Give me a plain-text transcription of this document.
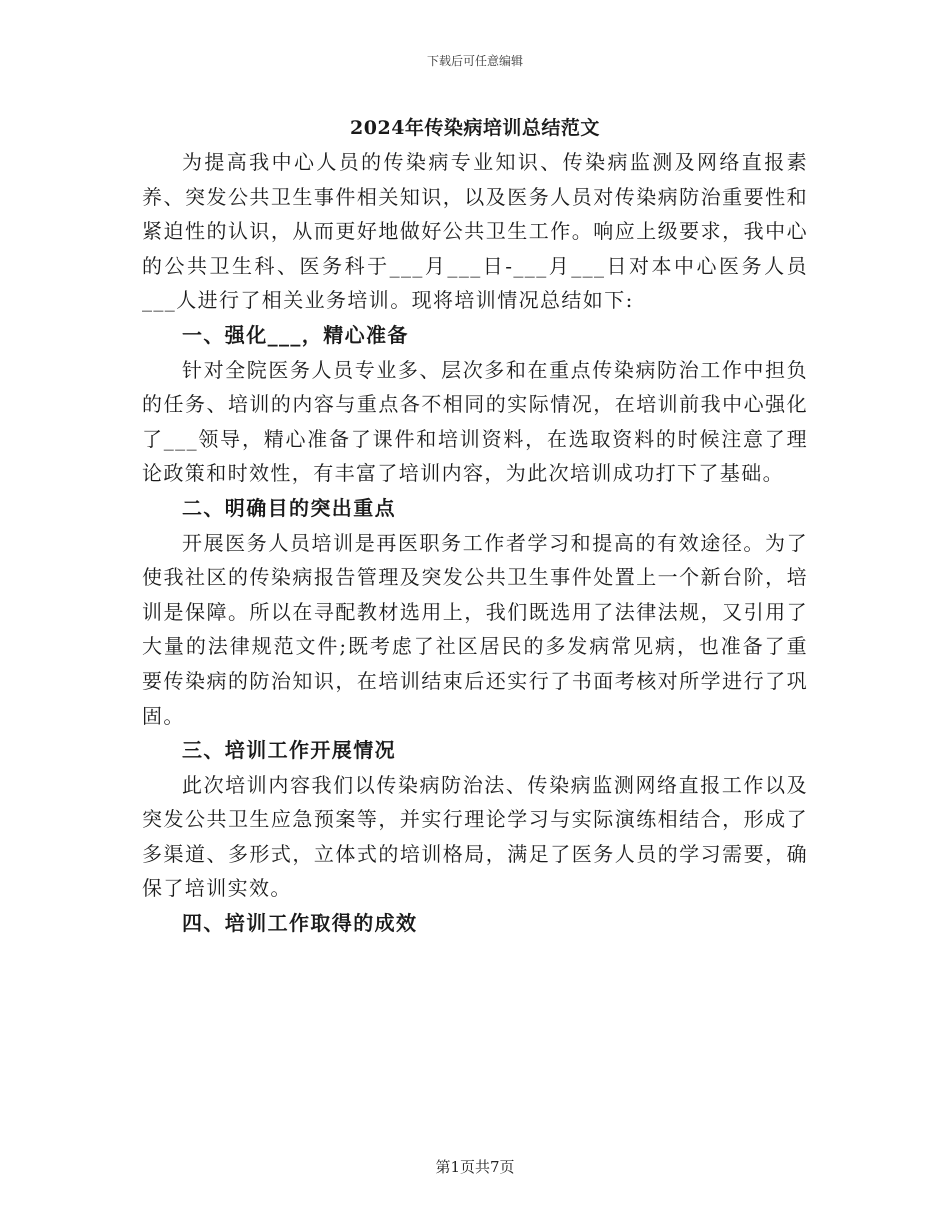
下载后可任意编辑
2024年传染病培训总结范文

为提高我中心人员的传染病专业知识、传染病监测及网络直报素养、突发公共卫生事件相关知识，以及医务人员对传染病防治重要性和紧迫性的认识，从而更好地做好公共卫生工作。响应上级要求，我中心的公共卫生科、医务科于___月___日-___月___日对本中心医务人员___人进行了相关业务培训。现将培训情况总结如下:

一、强化___，精心准备

针对全院医务人员专业多、层次多和在重点传染病防治工作中担负的任务、培训的内容与重点各不相同的实际情况，在培训前我中心强化了___领导，精心准备了课件和培训资料，在选取资料的时候注意了理论政策和时效性，有丰富了培训内容，为此次培训成功打下了基础。

二、明确目的突出重点

开展医务人员培训是再医职务工作者学习和提高的有效途径。为了使我社区的传染病报告管理及突发公共卫生事件处置上一个新台阶，培训是保障。所以在寻配教材选用上，我们既选用了法律法规，又引用了大量的法律规范文件;既考虑了社区居民的多发病常见病，也准备了重要传染病的防治知识，在培训结束后还实行了书面考核对所学进行了巩固。

三、培训工作开展情况

此次培训内容我们以传染病防治法、传染病监测网络直报工作以及突发公共卫生应急预案等，并实行理论学习与实际演练相结合，形成了多渠道、多形式，立体式的培训格局，满足了医务人员的学习需要，确保了培训实效。

四、培训工作取得的成效
第1页共7页
